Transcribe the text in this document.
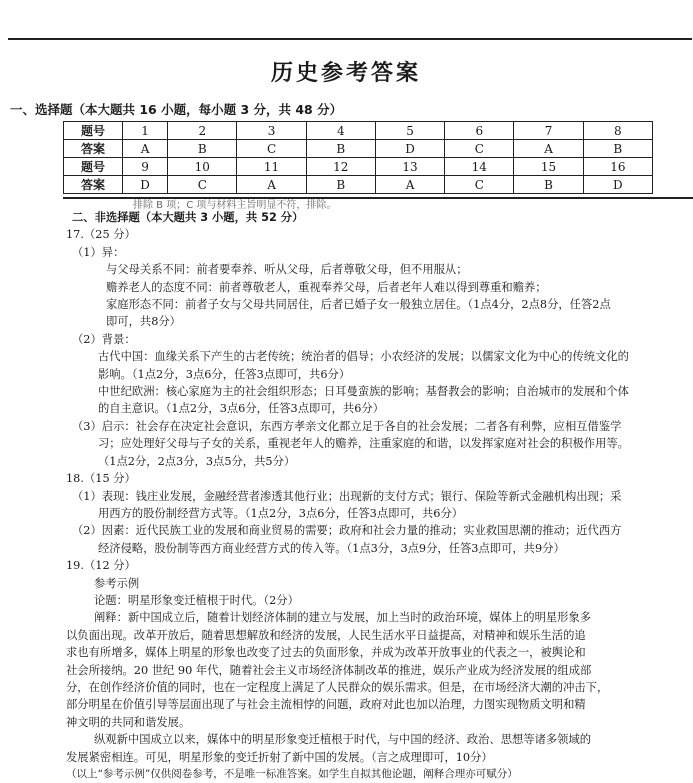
历史参考答案
一、选择题（本大题共 16 小题，每小题 3 分，共 48 分）
题号	1	2	3	4	5	6	7	8
答案	A	B	C	B	D	C	A	B
题号	9	10	11	12	13	14	15	16
答案	D	C	A	B	A	C	B	D
排除 B 项；C 项与材料主旨明显不符，排除。
二、非选择题（本大题共 3 小题，共 52 分）
17.（25 分）
（1）异：
与父母关系不同：前者要奉养、听从父母，后者尊敬父母，但不用服从；
赡养老人的态度不同：前者尊敬老人，重视奉养父母，后者老年人难以得到尊重和赡养；
家庭形态不同：前者子女与父母共同居住，后者已婚子女一般独立居住。（1点4分，2点8分，任答2点
即可，共8分）
（2）背景：
古代中国：血缘关系下产生的古老传统；统治者的倡导；小农经济的发展；以儒家文化为中心的传统文化的
影响。（1点2分，3点6分，任答3点即可，共6分）
中世纪欧洲：核心家庭为主的社会组织形态；日耳曼蛮族的影响；基督教会的影响；自治城市的发展和个体
的自主意识。（1点2分，3点6分，任答3点即可，共6分）
（3）启示：社会存在决定社会意识，东西方孝亲文化都立足于各自的社会发展；二者各有利弊，应相互借鉴学
习；应处理好父母与子女的关系，重视老年人的赡养，注重家庭的和谐，以发挥家庭对社会的积极作用等。
（1点2分，2点3分，3点5分，共5分）
18.（15 分）
（1）表现：钱庄业发展，金融经营者渗透其他行业；出现新的支付方式；银行、保险等新式金融机构出现；采
用西方的股份制经营方式等。（1点2分，3点6分，任答3点即可，共6分）
（2）因素：近代民族工业的发展和商业贸易的需要；政府和社会力量的推动；实业救国思潮的推动；近代西方
经济侵略，股份制等西方商业经营方式的传入等。（1点3分，3点9分，任答3点即可，共9分）
19.（12 分）
参考示例
论题：明星形象变迁植根于时代。（2分）
阐释：新中国成立后，随着计划经济体制的建立与发展，加上当时的政治环境，媒体上的明星形象多
以负面出现。改革开放后，随着思想解放和经济的发展，人民生活水平日益提高，对精神和娱乐生活的追
求也有所增多，媒体上明星的形象也改变了过去的负面形象，并成为改革开放事业的代表之一，被舆论和
社会所接纳。20 世纪 90 年代，随着社会主义市场经济体制改革的推进，娱乐产业成为经济发展的组成部
分，在创作经济价值的同时，也在一定程度上满足了人民群众的娱乐需求。但是，在市场经济大潮的冲击下，
部分明星在价值引导等层面出现了与社会主流相悖的问题，政府对此也加以治理，力图实现物质文明和精
神文明的共同和谐发展。
纵观新中国成立以来，媒体中的明星形象变迁植根于时代，与中国的经济、政治、思想等诸多领域的
发展紧密相连。可见，明星形象的变迁折射了新中国的发展。（言之成理即可，10分）
（以上“参考示例”仅供阅卷参考，不是唯一标准答案。如学生自拟其他论题，阐释合理亦可赋分）
